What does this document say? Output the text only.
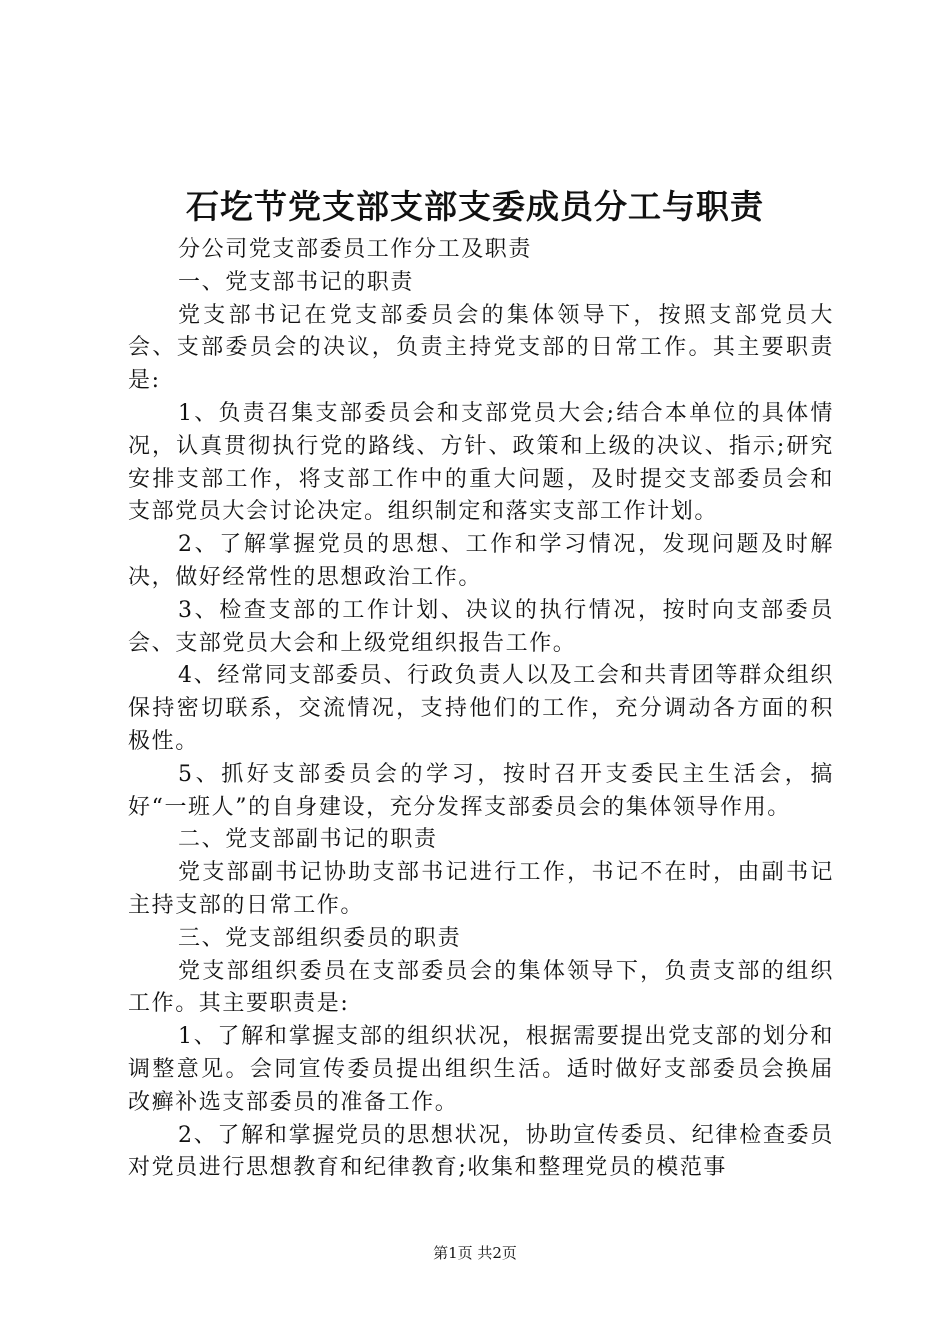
石圪节党支部支部支委成员分工与职责

分公司党支部委员工作分工及职责

一、党支部书记的职责

党支部书记在党支部委员会的集体领导下，按照支部党员大会、支部委员会的决议，负责主持党支部的日常工作。其主要职责是:

1、负责召集支部委员会和支部党员大会;结合本单位的具体情况，认真贯彻执行党的路线、方针、政策和上级的决议、指示;研究安排支部工作，将支部工作中的重大问题，及时提交支部委员会和支部党员大会讨论决定。组织制定和落实支部工作计划。

2、了解掌握党员的思想、工作和学习情况，发现问题及时解决，做好经常性的思想政治工作。

3、检查支部的工作计划、决议的执行情况，按时向支部委员会、支部党员大会和上级党组织报告工作。

4、经常同支部委员、行政负责人以及工会和共青团等群众组织保持密切联系，交流情况，支持他们的工作，充分调动各方面的积极性。

5、抓好支部委员会的学习，按时召开支委民主生活会，搞好“一班人”的自身建设，充分发挥支部委员会的集体领导作用。

二、党支部副书记的职责

党支部副书记协助支部书记进行工作，书记不在时，由副书记主持支部的日常工作。

三、党支部组织委员的职责

党支部组织委员在支部委员会的集体领导下，负责支部的组织工作。其主要职责是:

1、了解和掌握支部的组织状况，根据需要提出党支部的划分和调整意见。会同宣传委员提出组织生活。适时做好支部委员会换届改癣补选支部委员的准备工作。

2、了解和掌握党员的思想状况，协助宣传委员、纪律检查委员对党员进行思想教育和纪律教育;收集和整理党员的模范事

第1页 共2页
